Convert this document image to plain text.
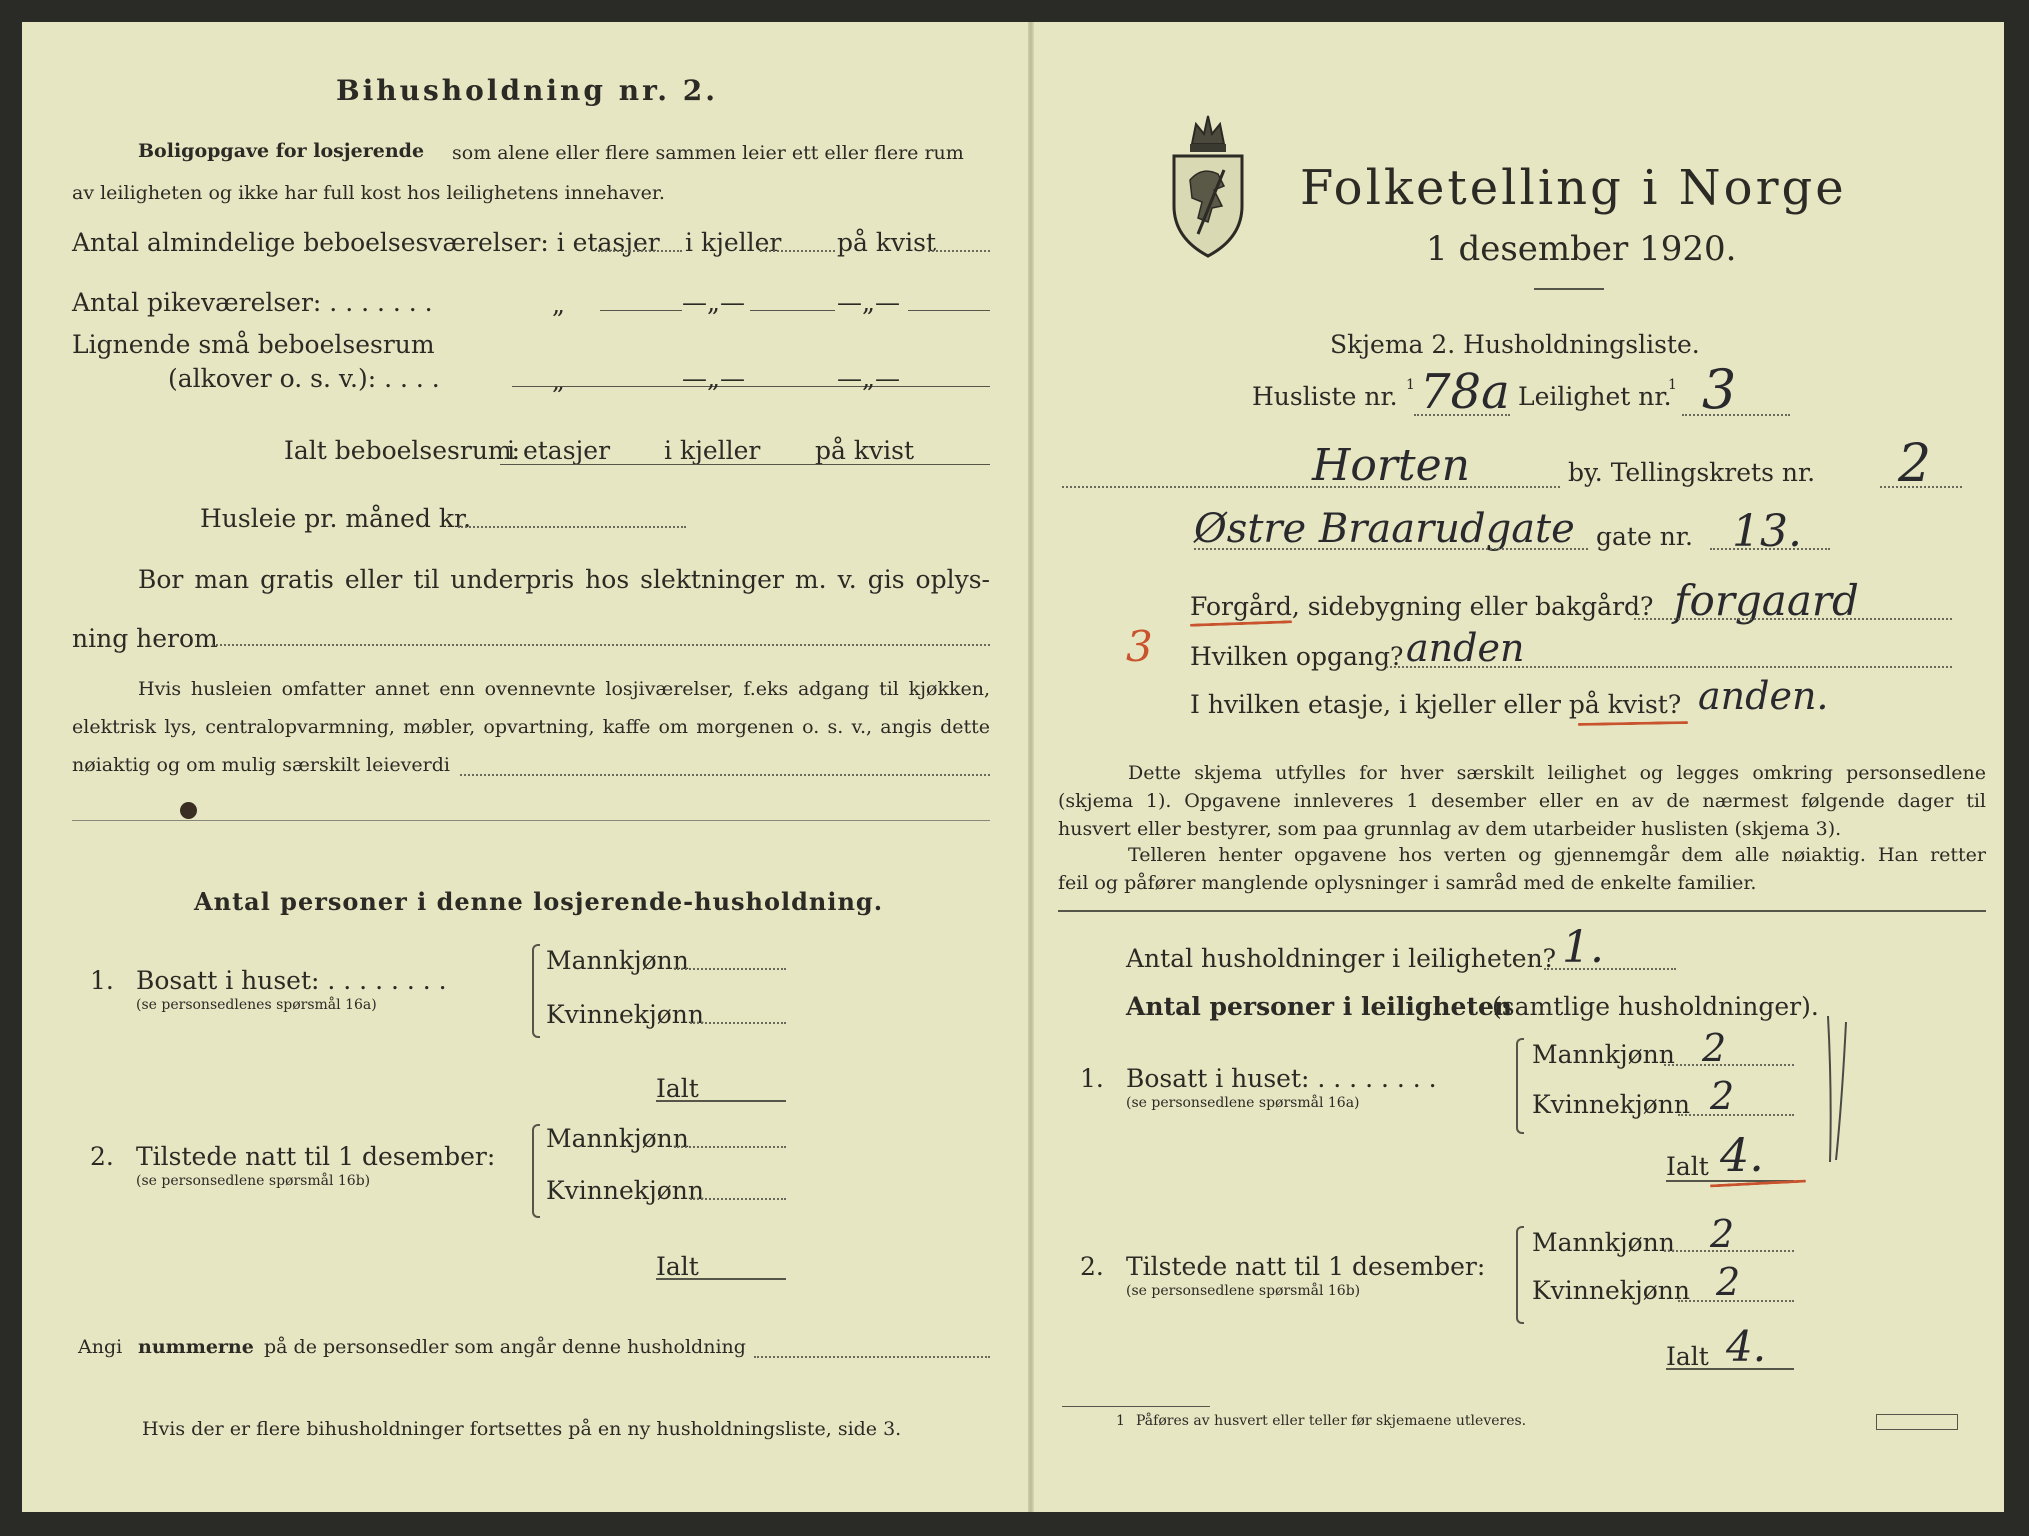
Bihusholdning nr. 2.
Boligopgave for losjerende som alene eller flere sammen leier ett eller flere rum
av leiligheten og ikke har full kost hos leilighetens innehaver.
Antal almindelige beboelsesværelser: i etasjer i kjeller på kvist
Antal pikeværelser: . . . . . . .	„	—„—	—„—
Lignende små beboelsesrum
(alkover o. s. v.): . . . .	„	—„—	—„—
Ialt beboelsesrum:
i etasjer i kjeller på kvist
Husleie pr. måned kr.
Bor man gratis eller til underpris hos slektninger m. v. gis oplys-
ning herom
Hvis husleien omfatter annet enn ovennevnte losjiværelser, f.eks adgang til kjøkken,
elektrisk lys, centralopvarmning, møbler, opvartning, kaffe om morgenen o. s. v., angis dette
nøiaktig og om mulig særskilt leieverdi
Antal personer i denne losjerende-husholdning.
1. Bosatt i huset: . . . . . . . .
(se personsedlenes spørsmål 16a)
Mannkjønn
Kvinnekjønn
Ialt
2. Tilstede natt til 1 desember:
(se personsedlene spørsmål 16b)
Mannkjønn
Kvinnekjønn
Ialt
Angi nummerne på de personsedler som angår denne husholdning
Hvis der er flere bihusholdninger fortsettes på en ny husholdningsliste, side 3.
Folketelling i Norge
1 desember 1920.
Skjema 2. Husholdningsliste.
Husliste nr. 1 78a Leilighet nr.
1 3
Horten	by. Tellingskrets nr. 2
Østre Braarudgate gate nr. 13.
Forgård, sidebygning eller bakgård? forgaard
3 Hvilken opgang? anden
I hvilken etasje, i kjeller eller på kvist? anden.
Dette skjema utfylles for hver særskilt leilighet og legges omkring personsedlene
(skjema 1). Opgavene innleveres 1 desember eller en av de nærmest følgende dager til
husvert eller bestyrer, som paa grunnlag av dem utarbeider huslisten (skjema 3).
Telleren henter opgavene hos verten og gjennemgår dem alle nøiaktig. Han retter
feil og påfører manglende oplysninger i samråd med de enkelte familier.
Antal husholdninger i leiligheten? 1.
Antal personer i leiligheten
(samtlige husholdninger).
1. Bosatt i huset: . . . . . . . .
(se personsedlene spørsmål 16a)
Mannkjønn 2
Kvinnekjønn 2
Ialt 4.
2. Tilstede natt til 1 desember:
(se personsedlene spørsmål 16b)
Mannkjønn 2
Kvinnekjønn 2
Ialt 4.
1 Påføres av husvert eller teller før skjemaene utleveres.
